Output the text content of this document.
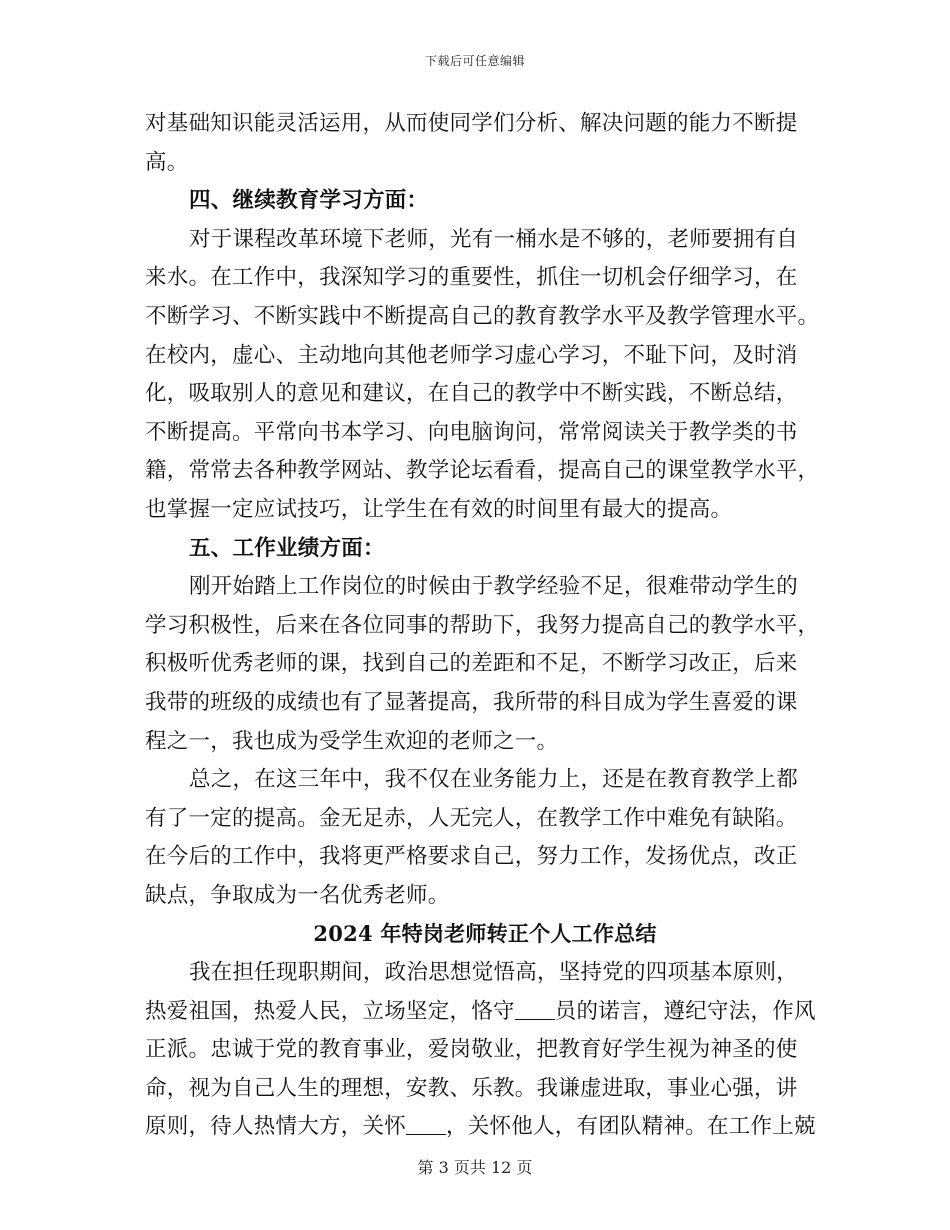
下载后可任意编辑
对基础知识能灵活运用，从而使同学们分析、解决问题的能力不断提
高。
四、继续教育学习方面：
对于课程改革环境下老师，光有一桶水是不够的，老师要拥有自
来水。在工作中，我深知学习的重要性，抓住一切机会仔细学习，在
不断学习、不断实践中不断提高自己的教育教学水平及教学管理水平。
在校内，虚心、主动地向其他老师学习虚心学习，不耻下问，及时消
化，吸取别人的意见和建议，在自己的教学中不断实践，不断总结，
不断提高。平常向书本学习、向电脑询问，常常阅读关于教学类的书
籍，常常去各种教学网站、教学论坛看看，提高自己的课堂教学水平，
也掌握一定应试技巧，让学生在有效的时间里有最大的提高。
五、工作业绩方面：
刚开始踏上工作岗位的时候由于教学经验不足，很难带动学生的
学习积极性，后来在各位同事的帮助下，我努力提高自己的教学水平，
积极听优秀老师的课，找到自己的差距和不足，不断学习改正，后来
我带的班级的成绩也有了显著提高，我所带的科目成为学生喜爱的课
程之一，我也成为受学生欢迎的老师之一。
总之，在这三年中，我不仅在业务能力上，还是在教育教学上都
有了一定的提高。金无足赤，人无完人，在教学工作中难免有缺陷。
在今后的工作中，我将更严格要求自己，努力工作，发扬优点，改正
缺点，争取成为一名优秀老师。
2024 年特岗老师转正个人工作总结
我在担任现职期间，政治思想觉悟高，坚持党的四项基本原则，
热爱祖国，热爱人民，立场坚定，恪守 员的诺言，遵纪守法，作风
正派。忠诚于党的教育事业，爱岗敬业，把教育好学生视为神圣的使
命，视为自己人生的理想，安教、乐教。我谦虚进取，事业心强，讲
原则，待人热情大方，关怀 ，关怀他人，有团队精神。在工作上兢
第 3 页共 12 页
